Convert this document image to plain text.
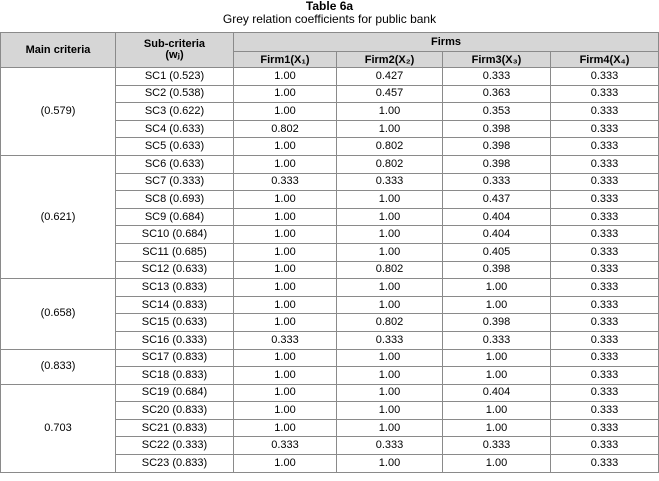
Table 6a
Grey relation coefficients for public bank
Main criteria	Sub-criteria
(wⱼ)	Firms			
		Firm1(X₁)	Firm2(X₂)	Firm3(X₃)	Firm4(X₄)
(0.579)	SC1 (0.523)	1.00	0.427	0.333	0.333
	SC2 (0.538)	1.00	0.457	0.363	0.333
	SC3 (0.622)	1.00	1.00	0.353	0.333
	SC4 (0.633)	0.802	1.00	0.398	0.333
	SC5 (0.633)	1.00	0.802	0.398	0.333
(0.621)	SC6 (0.633)	1.00	0.802	0.398	0.333
	SC7 (0.333)	0.333	0.333	0.333	0.333
	SC8 (0.693)	1.00	1.00	0.437	0.333
	SC9 (0.684)	1.00	1.00	0.404	0.333
	SC10 (0.684)	1.00	1.00	0.404	0.333
	SC11 (0.685)	1.00	1.00	0.405	0.333
	SC12 (0.633)	1.00	0.802	0.398	0.333
(0.658)	SC13 (0.833)	1.00	1.00	1.00	0.333
	SC14 (0.833)	1.00	1.00	1.00	0.333
	SC15 (0.633)	1.00	0.802	0.398	0.333
	SC16 (0.333)	0.333	0.333	0.333	0.333
(0.833)	SC17 (0.833)	1.00	1.00	1.00	0.333
	SC18 (0.833)	1.00	1.00	1.00	0.333
0.703	SC19 (0.684)	1.00	1.00	0.404	0.333
	SC20 (0.833)	1.00	1.00	1.00	0.333
	SC21 (0.833)	1.00	1.00	1.00	0.333
	SC22 (0.333)	0.333	0.333	0.333	0.333
	SC23 (0.833)	1.00	1.00	1.00	0.333
